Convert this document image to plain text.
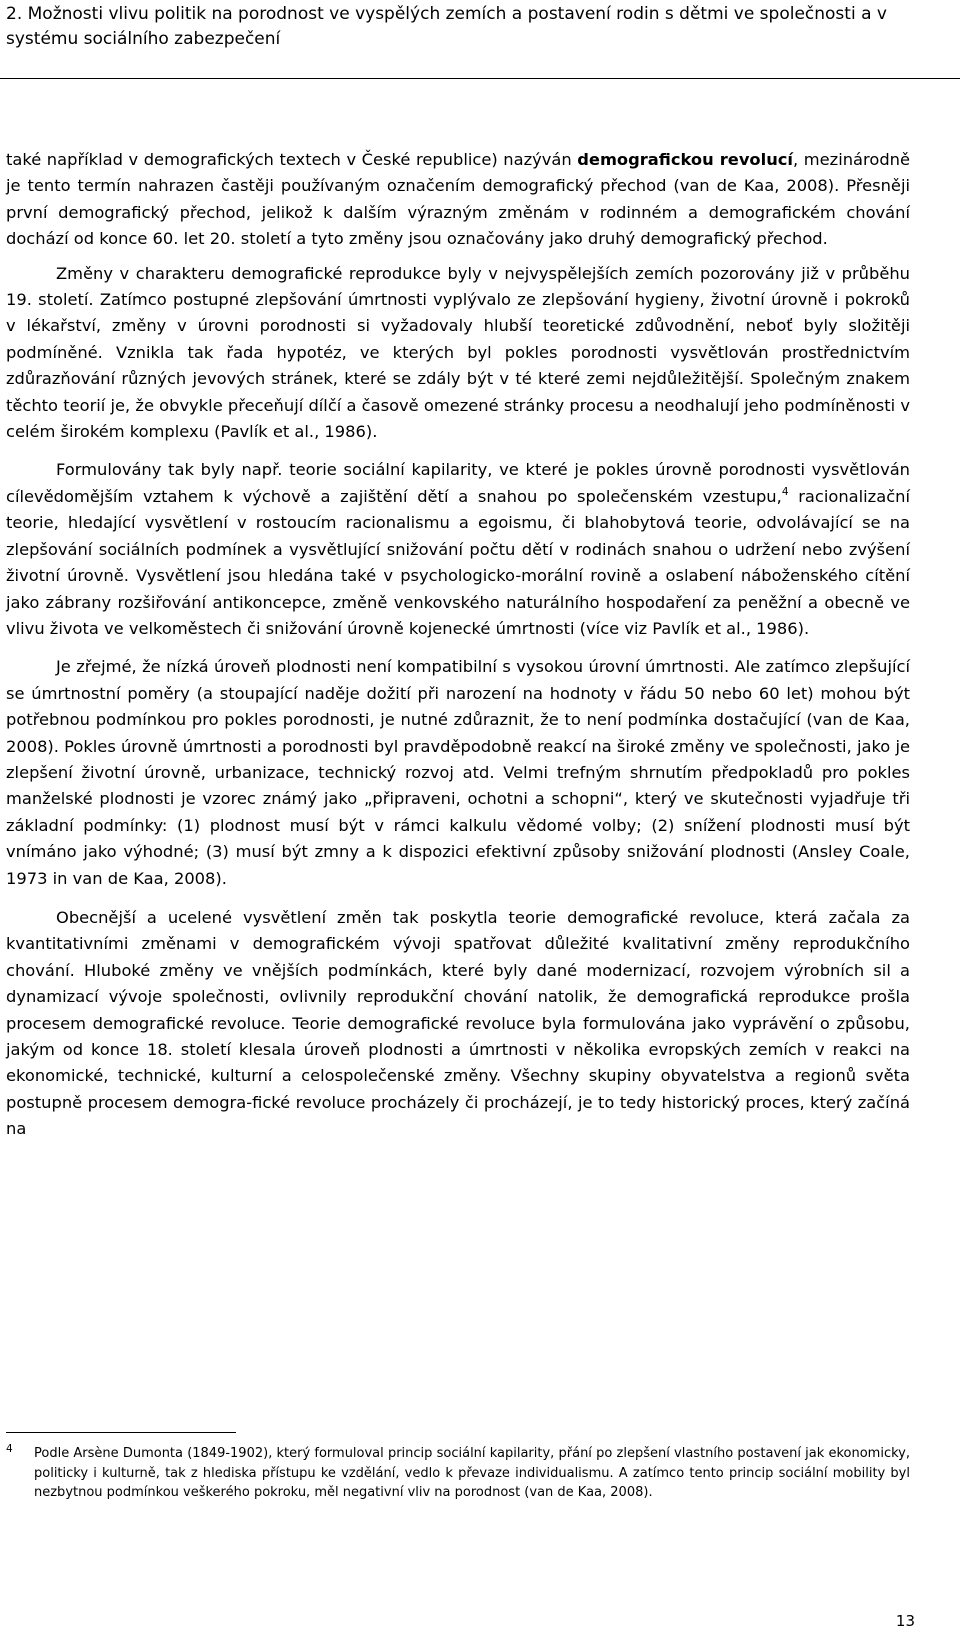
2. Možnosti vlivu politik na porodnost ve vyspělých zemích a postavení rodin s dětmi ve společnosti a v systému sociálního zabezpečení

také například v demografických textech v České republice) nazýván demografickou revolucí, mezinárodně je tento termín nahrazen častěji používaným označením demografický přechod (van de Kaa, 2008). Přesněji první demografický přechod, jelikož k dalším výrazným změnám v rodinném a demografickém chování dochází od konce 60. let 20. století a tyto změny jsou označovány jako druhý demografický přechod.

Změny v charakteru demografické reprodukce byly v nejvyspělejších zemích pozorovány již v průběhu 19. století. Zatímco postupné zlepšování úmrtnosti vyplývalo ze zlepšování hygieny, životní úrovně i pokroků v lékařství, změny v úrovni porodnosti si vyžadovaly hlubší teoretické zdůvodnění, neboť byly složitěji podmíněné. Vznikla tak řada hypotéz, ve kterých byl pokles porodnosti vysvětlován prostřednictvím zdůrazňování různých jevových stránek, které se zdály být v té které zemi nejdůležitější. Společným znakem těchto teorií je, že obvykle přeceňují dílčí a časově omezené stránky procesu a neodhalují jeho podmíněnosti v celém širokém komplexu (Pavlík et al., 1986).

Formulovány tak byly např. teorie sociální kapilarity, ve které je pokles úrovně porodnosti vysvětlován cílevědomějším vztahem k výchově a zajištění dětí a snahou po společenském vzestupu,$^4$ racionalizační teorie, hledající vysvětlení v rostoucím racionalismu a egoismu, či blahobytová teorie, odvolávající se na zlepšování sociálních podmínek a vysvětlující snižování počtu dětí v rodinách snahou o udržení nebo zvýšení životní úrovně. Vysvětlení jsou hledána také v psychologicko-morální rovině a oslabení náboženského cítění jako zábrany rozšiřování antikoncepce, změně venkovského naturálního hospodaření za peněžní a obecně ve vlivu života ve velkoměstech či snižování úrovně kojenecké úmrtnosti (více viz Pavlík et al., 1986).

Je zřejmé, že nízká úroveň plodnosti není kompatibilní s vysokou úrovní úmrtnosti. Ale zatímco zlepšující se úmrtnostní poměry (a stoupající naděje dožití při narození na hodnoty v řádu 50 nebo 60 let) mohou být potřebnou podmínkou pro pokles porodnosti, je nutné zdůraznit, že to není podmínka dostačující (van de Kaa, 2008). Pokles úrovně úmrtnosti a porodnosti byl pravděpodobně reakcí na široké změny ve společnosti, jako je zlepšení životní úrovně, urbanizace, technický rozvoj atd. Velmi trefným shrnutím předpokladů pro pokles manželské plodnosti je vzorec známý jako „připraveni, ochotni a schopni“, který ve skutečnosti vyjadřuje tři základní podmínky: (1) plodnost musí být v rámci kalkulu vědomé volby; (2) snížení plodnosti musí být vnímáno jako výhodné; (3) musí být zmny a k dispozici efektivní způsoby snižování plodnosti (Ansley Coale, 1973 in van de Kaa, 2008).

Obecnější a ucelené vysvětlení změn tak poskytla teorie demografické revoluce, která začala za kvantitativními změnami v demografickém vývoji spatřovat důležité kvalitativní změny reprodukčního chování. Hluboké změny ve vnějších podmínkách, které byly dané modernizací, rozvojem výrobních sil a dynamizací vývoje společnosti, ovlivnily reprodukční chování natolik, že demografická reprodukce prošla procesem demografické revoluce. Teorie demografické revoluce byla formulována jako vyprávění o způsobu, jakým od konce 18. století klesala úroveň plodnosti a úmrtnosti v několika evropských zemích v reakci na ekonomické, technické, kulturní a celospolečenské změny. Všechny skupiny obyvatelstva a regionů světa postupně procesem demogra-fické revoluce procházely či procházejí, je to tedy historický proces, který začíná na

4 Podle Arsène Dumonta (1849-1902), který formuloval princip sociální kapilarity, přání po zlepšení vlastního postavení jak ekonomicky, politicky i kulturně, tak z hlediska přístupu ke vzdělání, vedlo k převaze individualismu. A zatímco tento princip sociální mobility byl nezbytnou podmínkou veškerého pokroku, měl negativní vliv na porodnost (van de Kaa, 2008).
13
